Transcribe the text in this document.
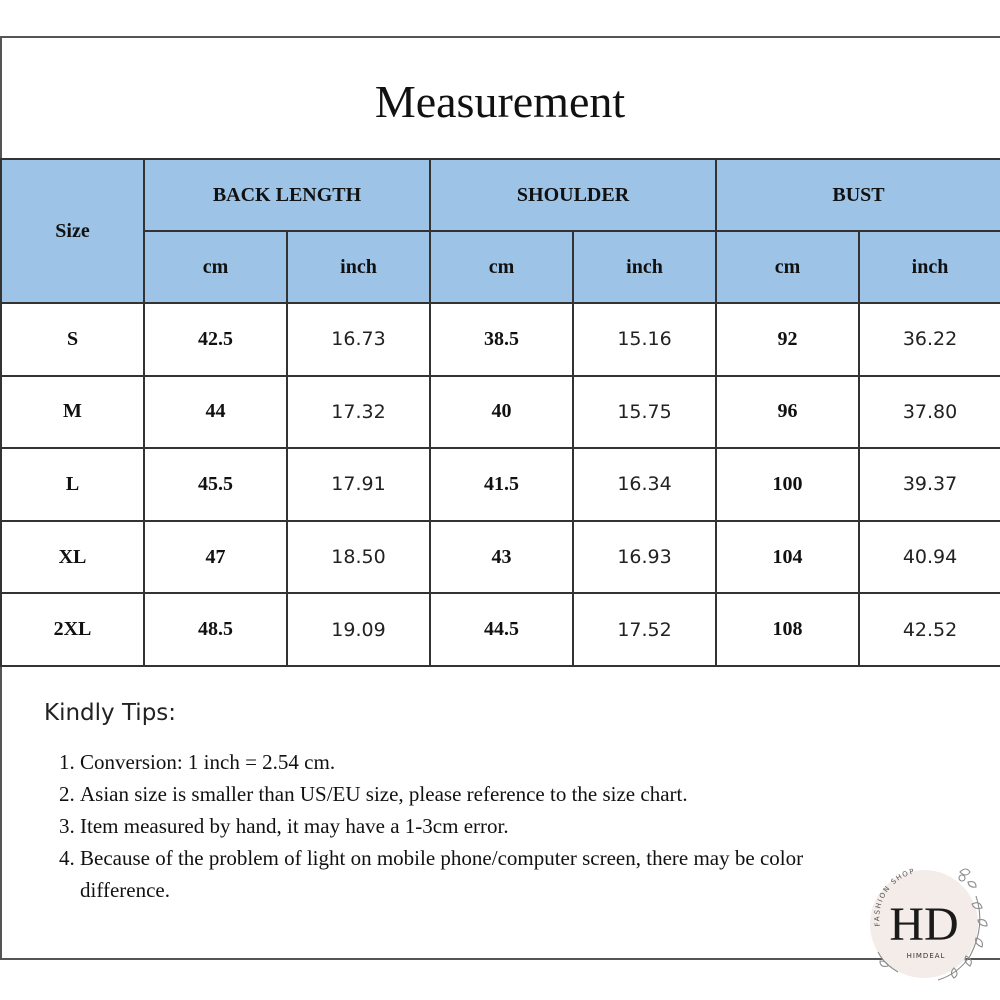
Measurement
Size	BACK LENGTH		SHOULDER		BUST	
	cm	inch	cm	inch	cm	inch
S	42.5	16.73	38.5	15.16	92	36.22
M	44	17.32	40	15.75	96	37.80
L	45.5	17.91	41.5	16.34	100	39.37
XL	47	18.50	43	16.93	104	40.94
2XL	48.5	19.09	44.5	17.52	108	42.52
Kindly Tips:
1. Conversion: 1 inch = 2.54 cm.
2. Asian size is smaller than US/EU size, please reference to the size chart.
3. Item measured by hand, it may have a 1-3cm error.
4. Because of the problem of light on mobile phone/computer screen, there may be color difference.
FASHION SHOP
HD
HIMDEAL
